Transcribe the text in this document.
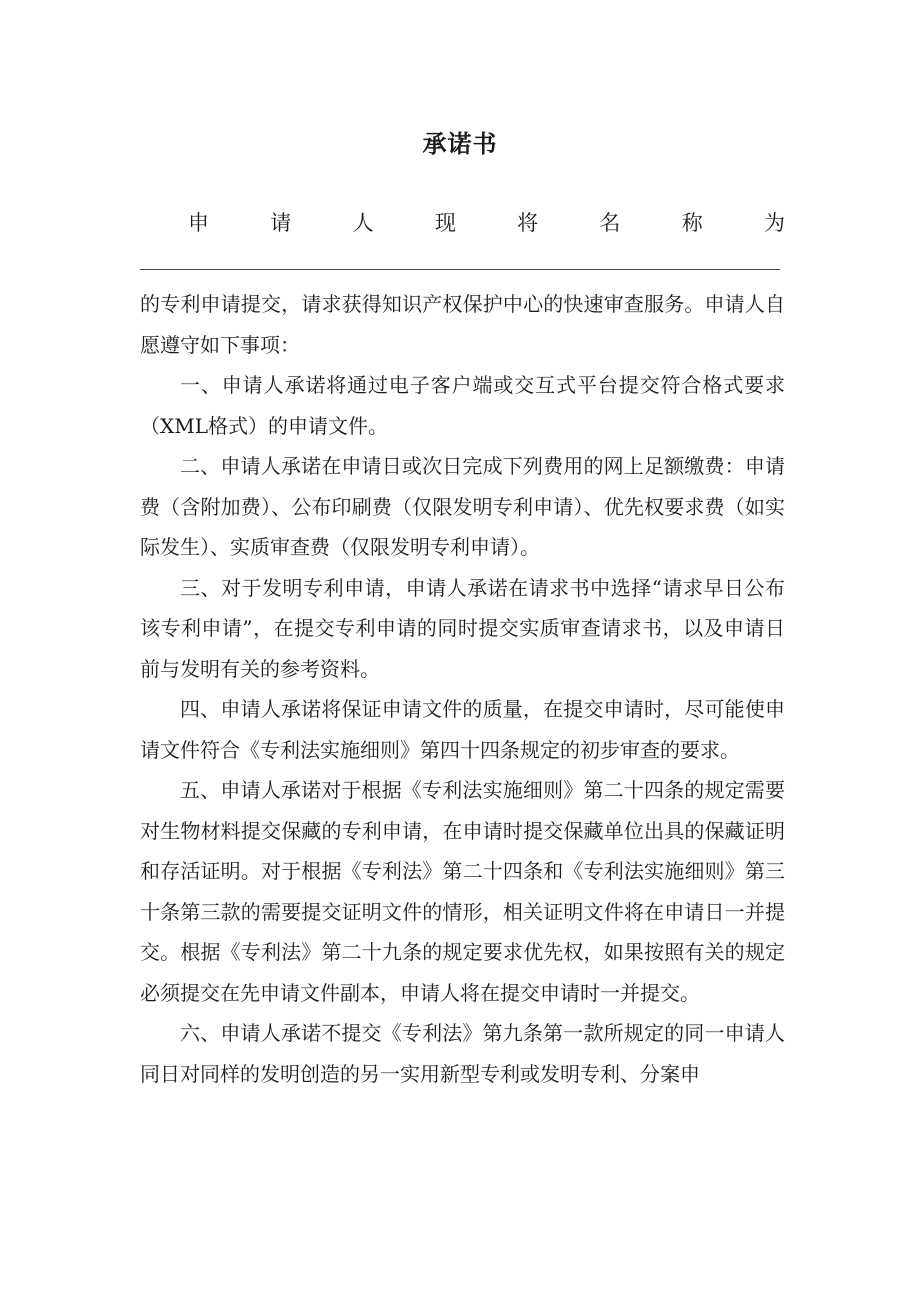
承诺书
申	请	人	现	将	名	称	为

的专利申请提交，请求获得知识产权保护中心的快速审查服务。申请人自愿遵守如下事项：

一、申请人承诺将通过电子客户端或交互式平台提交符合格式要求（XML格式）的申请文件。

二、申请人承诺在申请日或次日完成下列费用的网上足额缴费：申请费（含附加费）、公布印刷费（仅限发明专利申请）、优先权要求费（如实际发生）、实质审查费（仅限发明专利申请）。

三、对于发明专利申请，申请人承诺在请求书中选择“请求早日公布该专利申请”，在提交专利申请的同时提交实质审查请求书，以及申请日前与发明有关的参考资料。

四、申请人承诺将保证申请文件的质量，在提交申请时，尽可能使申请文件符合《专利法实施细则》第四十四条规定的初步审查的要求。

五、申请人承诺对于根据《专利法实施细则》第二十四条的规定需要对生物材料提交保藏的专利申请，在申请时提交保藏单位出具的保藏证明和存活证明。对于根据《专利法》第二十四条和《专利法实施细则》第三十条第三款的需要提交证明文件的情形，相关证明文件将在申请日一并提交。根据《专利法》第二十九条的规定要求优先权，如果按照有关的规定必须提交在先申请文件副本，申请人将在提交申请时一并提交。

六、申请人承诺不提交《专利法》第九条第一款所规定的同一申请人同日对同样的发明创造的另一实用新型专利或发明专利、分案申
